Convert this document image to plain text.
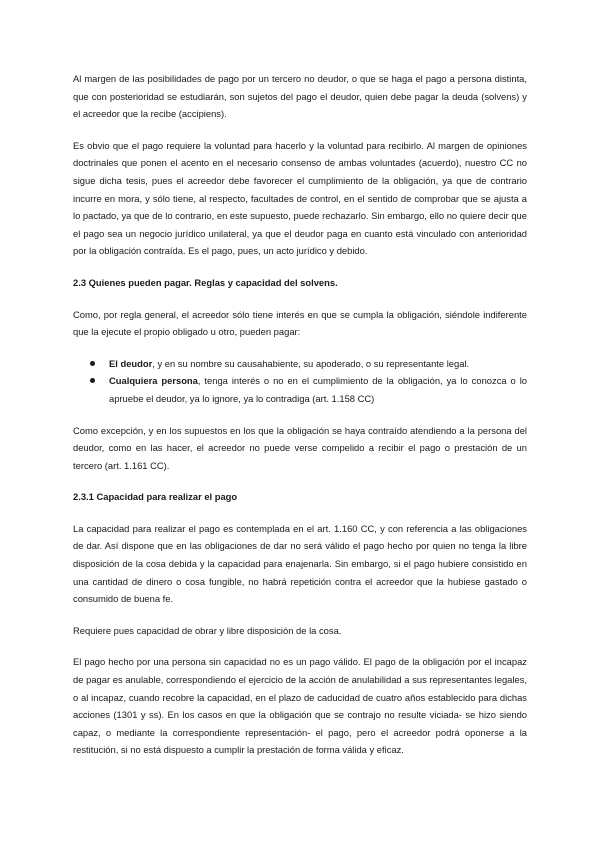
Al margen de las posibilidades de pago por un tercero no deudor, o que se haga el pago a persona distinta, que con posterioridad se estudiarán, son sujetos del pago el deudor, quien debe pagar la deuda (solvens) y el acreedor que la recibe (accipiens).

Es obvio que el pago requiere la voluntad para hacerlo y la voluntad para recibirlo. Al margen de opiniones doctrinales que ponen el acento en el necesario consenso de ambas voluntades (acuerdo), nuestro CC no sigue dicha tesis, pues el acreedor debe favorecer el cumplimiento de la obligación, ya que de contrario incurre en mora, y sólo tiene, al respecto, facultades de control, en el sentido de comprobar que se ajusta a lo pactado, ya que de lo contrario, en este supuesto, puede rechazarlo. Sin embargo, ello no quiere decir que el pago sea un negocio jurídico unilateral, ya que el deudor paga en cuanto está vinculado con anterioridad por la obligación contraída. Es el pago, pues, un acto jurídico y debido.

2.3 Quienes pueden pagar. Reglas y capacidad del solvens.

Como, por regla general, el acreedor sólo tiene interés en que se cumpla la obligación, siéndole indiferente que la ejecute el propio obligado u otro, pueden pagar:

El deudor, y en su nombre su causahabiente, su apoderado, o su representante legal.
Cualquiera persona, tenga interés o no en el cumplimiento de la obligación, ya lo conozca o lo apruebe el deudor, ya lo ignore, ya lo contradiga (art. 1.158 CC)

Como excepción, y en los supuestos en los que la obligación se haya contraído atendiendo a la persona del deudor, como en las hacer, el acreedor no puede verse compelido a recibir el pago o prestación de un tercero (art. 1.161 CC).

2.3.1 Capacidad para realizar el pago

La capacidad para realizar el pago es contemplada en el art. 1.160 CC, y con referencia a las obligaciones de dar. Así dispone que en las obligaciones de dar no será válido el pago hecho por quien no tenga la libre disposición de la cosa debida y la capacidad para enajenarla. Sin embargo, si el pago hubiere consistido en una cantidad de dinero o cosa fungible, no habrá repetición contra el acreedor que la hubiese gastado o consumido de buena fe.

Requiere pues capacidad de obrar y libre disposición de la cosa.

El pago hecho por una persona sin capacidad no es un pago válido. El pago de la obligación por el incapaz de pagar es anulable, correspondiendo el ejercicio de la acción de anulabilidad a sus representantes legales, o al incapaz, cuando recobre la capacidad, en el plazo de caducidad de cuatro años establecido para dichas acciones (1301 y ss). En los casos en que la obligación que se contrajo no resulte viciada- se hizo siendo capaz, o mediante la correspondiente representación- el pago, pero el acreedor podrá oponerse a la restitución, si no está dispuesto a cumplir la prestación de forma válida y eficaz.
